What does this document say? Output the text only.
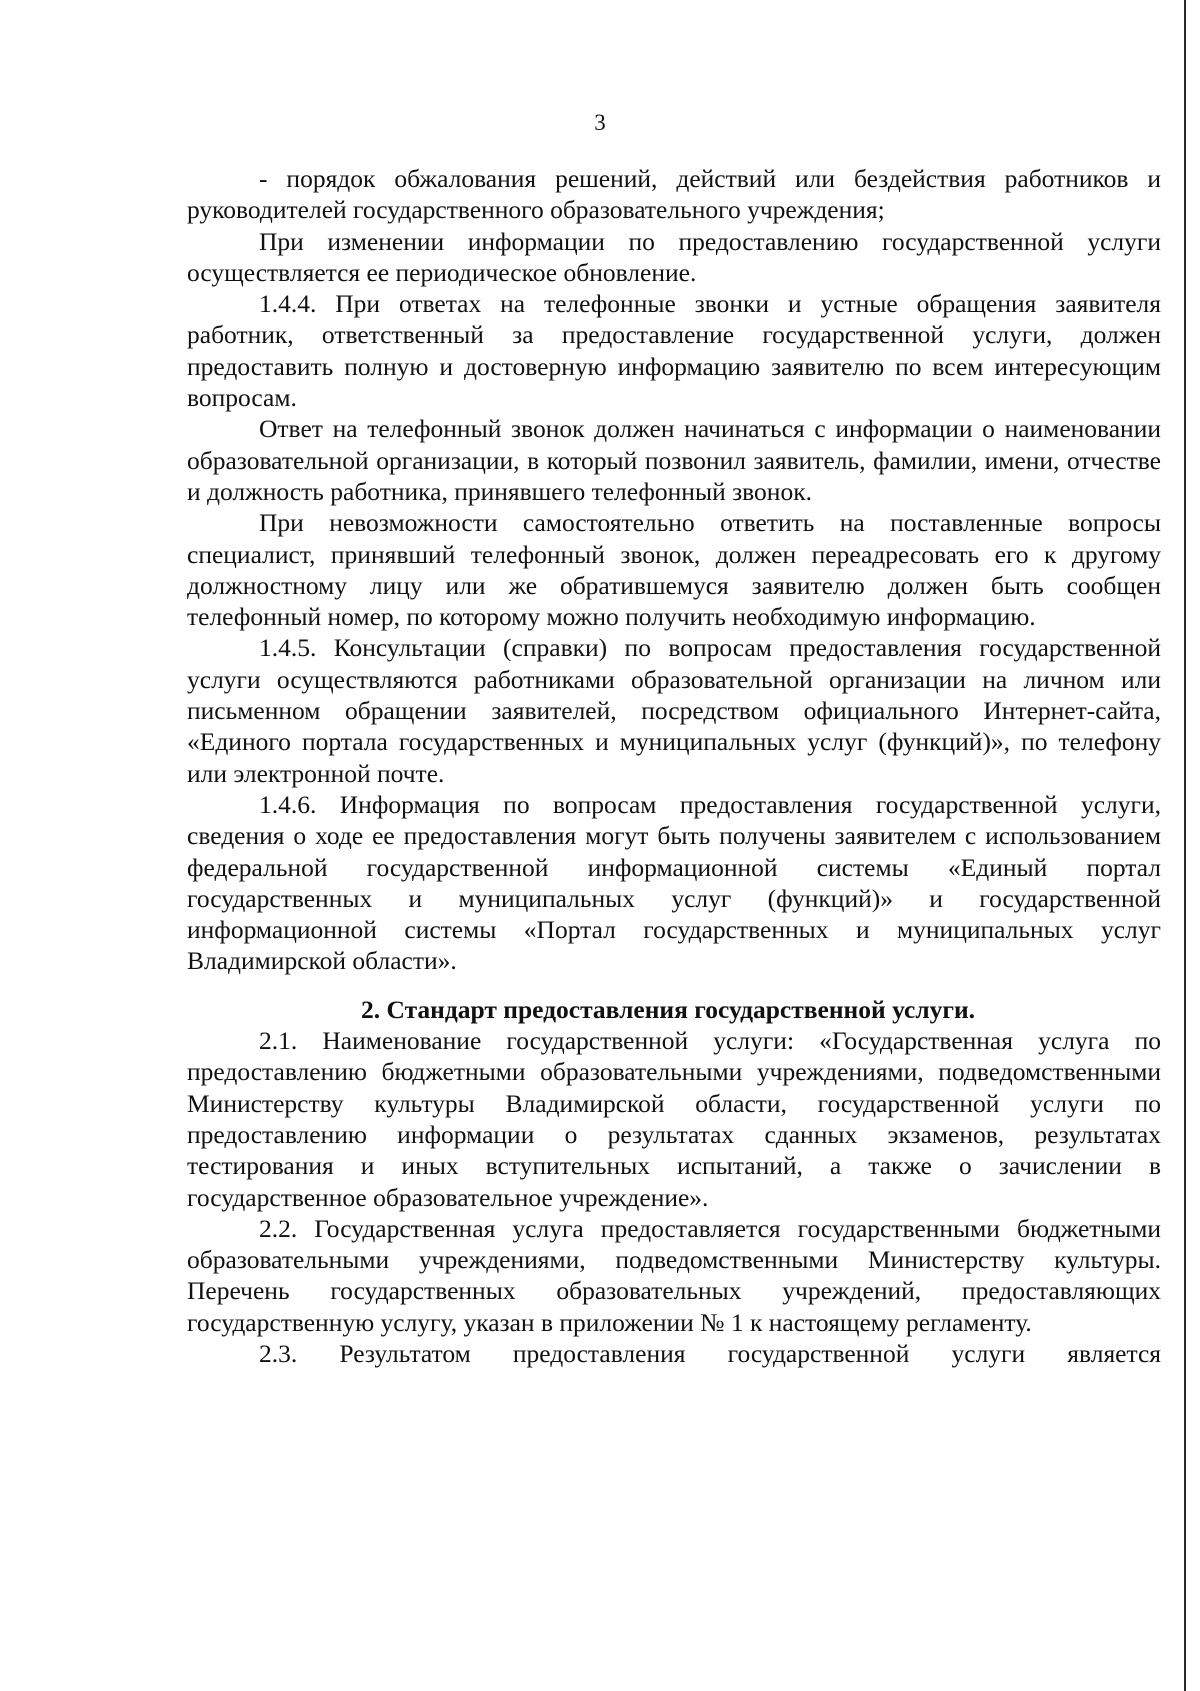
3

- порядок обжалования решений, действий или бездействия работников и руководителей государственного образовательного учреждения;

При изменении информации по предоставлению государственной услуги осуществляется ее периодическое обновление.

1.4.4. При ответах на телефонные звонки и устные обращения заявителя работник, ответственный за предоставление государственной услуги, должен предоставить полную и достоверную информацию заявителю по всем интересующим вопросам.

Ответ на телефонный звонок должен начинаться с информации о наименовании образовательной организации, в который позвонил заявитель, фамилии, имени, отчестве и должность работника, принявшего телефонный звонок.

При невозможности самостоятельно ответить на поставленные вопросы специалист, принявший телефонный звонок, должен переадресовать его к другому должностному лицу или же обратившемуся заявителю должен быть сообщен телефонный номер, по которому можно получить необходимую информацию.

1.4.5. Консультации (справки) по вопросам предоставления государственной услуги осуществляются работниками образовательной организации на личном или письменном обращении заявителей, посредством официального Интернет-сайта, «Единого портала государственных и муниципальных услуг (функций)», по телефону или электронной почте.

1.4.6. Информация по вопросам предоставления государственной услуги, сведения о ходе ее предоставления могут быть получены заявителем с использованием федеральной государственной информационной системы «Единый портал государственных и муниципальных услуг (функций)» и государственной информационной системы «Портал государственных и муниципальных услуг Владимирской области».

2. Стандарт предоставления государственной услуги.

2.1. Наименование государственной услуги: «Государственная услуга по предоставлению бюджетными образовательными учреждениями, подведомственными Министерству культуры Владимирской области, государственной услуги по предоставлению информации о результатах сданных экзаменов, результатах тестирования и иных вступительных испытаний, а также о зачислении в государственное образовательное учреждение».

2.2. Государственная услуга предоставляется государственными бюджетными образовательными учреждениями, подведомственными Министерству культуры. Перечень государственных образовательных учреждений, предоставляющих государственную услугу, указан в приложении № 1 к настоящему регламенту.

2.3. Результатом предоставления государственной услуги является
